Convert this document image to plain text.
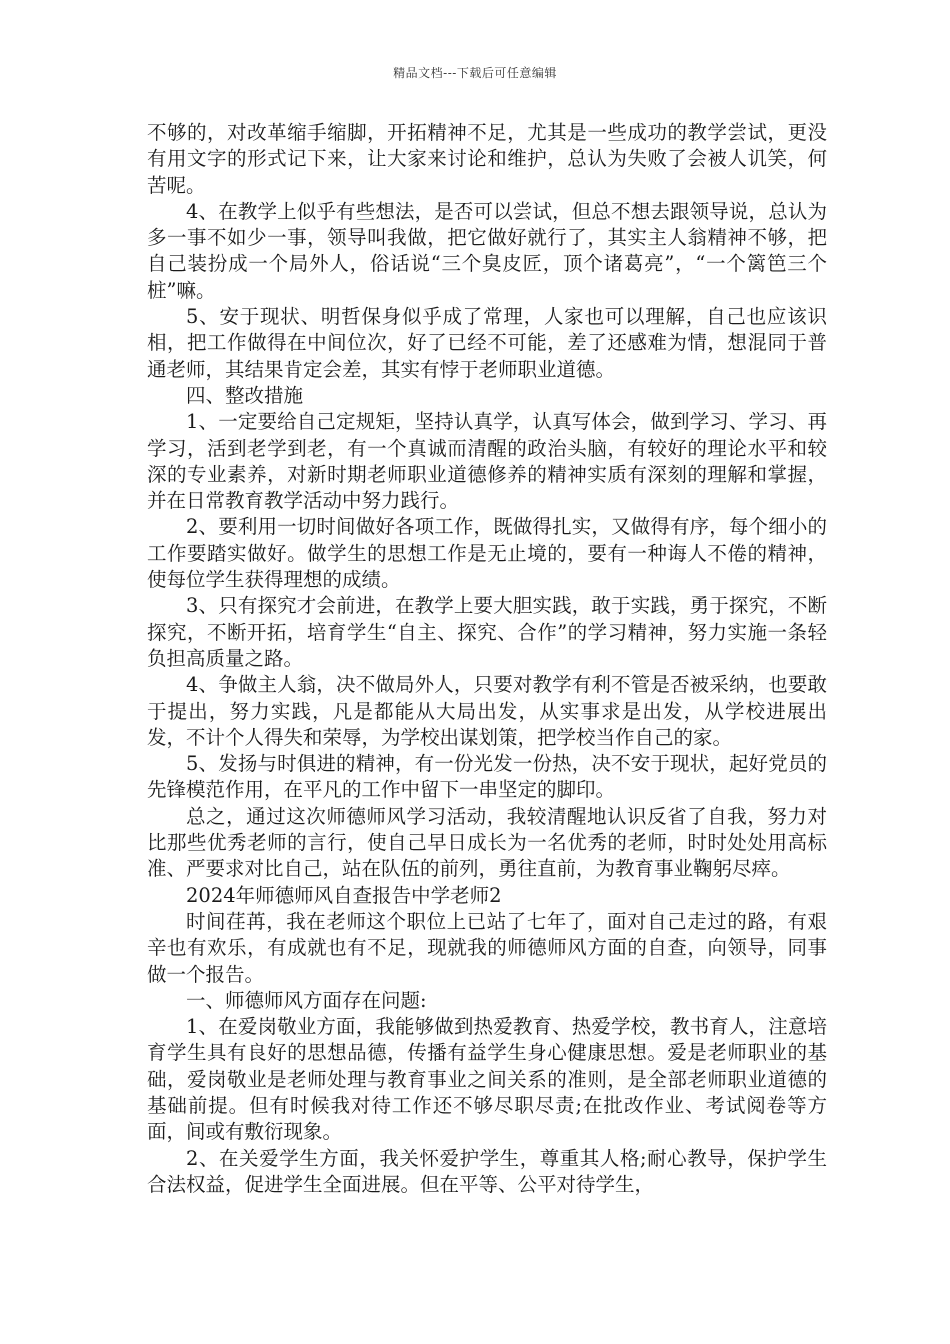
精品文档---下载后可任意编辑

不够的，对改革缩手缩脚，开拓精神不足，尤其是一些成功的教学尝试，更没有用文字的形式记下来，让大家来讨论和维护，总认为失败了会被人讥笑，何苦呢。

4、在教学上似乎有些想法，是否可以尝试，但总不想去跟领导说，总认为多一事不如少一事，领导叫我做，把它做好就行了，其实主人翁精神不够，把自己装扮成一个局外人，俗话说“三个臭皮匠，顶个诸葛亮”，“一个篱笆三个桩”嘛。

5、安于现状、明哲保身似乎成了常理，人家也可以理解，自己也应该识相，把工作做得在中间位次，好了已经不可能，差了还感难为情，想混同于普通老师，其结果肯定会差，其实有悖于老师职业道德。

四、整改措施

1、一定要给自己定规矩，坚持认真学，认真写体会，做到学习、学习、再学习，活到老学到老，有一个真诚而清醒的政治头脑，有较好的理论水平和较深的专业素养，对新时期老师职业道德修养的精神实质有深刻的理解和掌握，并在日常教育教学活动中努力践行。

2、要利用一切时间做好各项工作，既做得扎实，又做得有序，每个细小的工作要踏实做好。做学生的思想工作是无止境的，要有一种诲人不倦的精神，使每位学生获得理想的成绩。

3、只有探究才会前进，在教学上要大胆实践，敢于实践，勇于探究，不断探究，不断开拓，培育学生“自主、探究、合作”的学习精神，努力实施一条轻负担高质量之路。

4、争做主人翁，决不做局外人，只要对教学有利不管是否被采纳，也要敢于提出，努力实践，凡是都能从大局出发，从实事求是出发，从学校进展出发，不计个人得失和荣辱，为学校出谋划策，把学校当作自己的家。

5、发扬与时俱进的精神，有一份光发一份热，决不安于现状，起好党员的先锋模范作用，在平凡的工作中留下一串坚定的脚印。

总之，通过这次师德师风学习活动，我较清醒地认识反省了自我，努力对比那些优秀老师的言行，使自己早日成长为一名优秀的老师，时时处处用高标准、严要求对比自己，站在队伍的前列，勇往直前，为教育事业鞠躬尽瘁。

2024年师德师风自查报告中学老师2

时间荏苒，我在老师这个职位上已站了七年了，面对自己走过的路，有艰辛也有欢乐，有成就也有不足，现就我的师德师风方面的自查，向领导，同事做一个报告。

一、师德师风方面存在问题:

1、在爱岗敬业方面，我能够做到热爱教育、热爱学校，教书育人，注意培育学生具有良好的思想品德，传播有益学生身心健康思想。爱是老师职业的基础，爱岗敬业是老师处理与教育事业之间关系的准则，是全部老师职业道德的基础前提。但有时候我对待工作还不够尽职尽责;在批改作业、考试阅卷等方面，间或有敷衍现象。

2、在关爱学生方面，我关怀爱护学生，尊重其人格;耐心教导，保护学生合法权益，促进学生全面进展。但在平等、公平对待学生，
